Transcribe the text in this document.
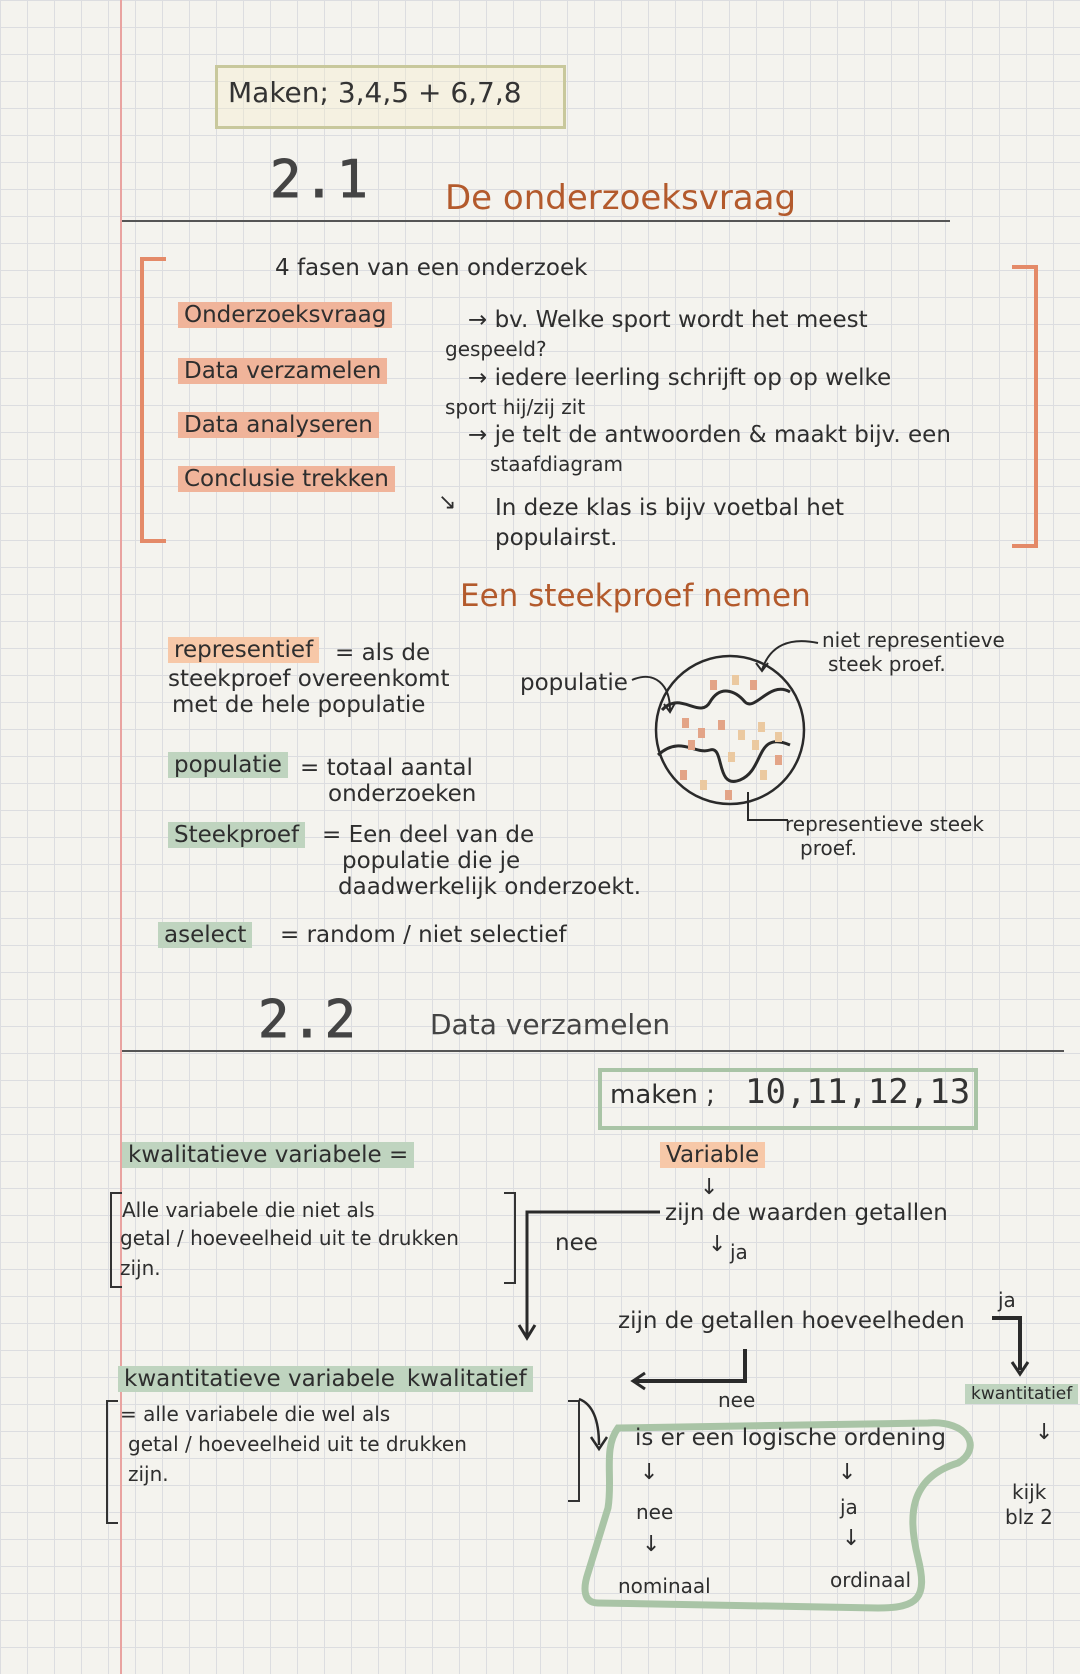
Maken; 3,4,5 + 6,7,8
2.1 De onderzoeksvraag
4 fasen van een onderzoek
Onderzoeksvraag	→ bv. Welke sport wordt het meest
gespeeld?
Data verzamelen	→ iedere leerling schrijft op op welke
sport hij/zij zit
Data analyseren	→ je telt de antwoorden & maakt bijv. een
staafdiagram
Conclusie trekken
↘ In deze klas is bijv voetbal het
populairst.
Een steekproef nemen
representief = als de
steekproef overeenkomt
met de hele populatie
populatie = totaal aantal
onderzoeken
Steekproef = Een deel van de
populatie die je
daadwerkelijk onderzoekt.
aselect = random / niet selectief
populatie
niet representieve
steek proef.
representieve steek
proef.
2.2	Data verzamelen
maken ; 10,11,12,13
kwalitatieve variabele =
Alle variabele die niet als
getal / hoeveelheid uit te drukken
zijn.
kwantitatieve variabele kwalitatief
= alle variabele die wel als
getal / hoeveelheid uit te drukken
zijn.
Variable
↓
zijn de waarden getallen
↓ ja
nee
zijn de getallen hoeveelheden
ja
kwantitatief
↓
kijk
blz 2
nee
is er een logische ordening
↓
nee
↓
nominaal
↓
ja
↓
ordinaal
